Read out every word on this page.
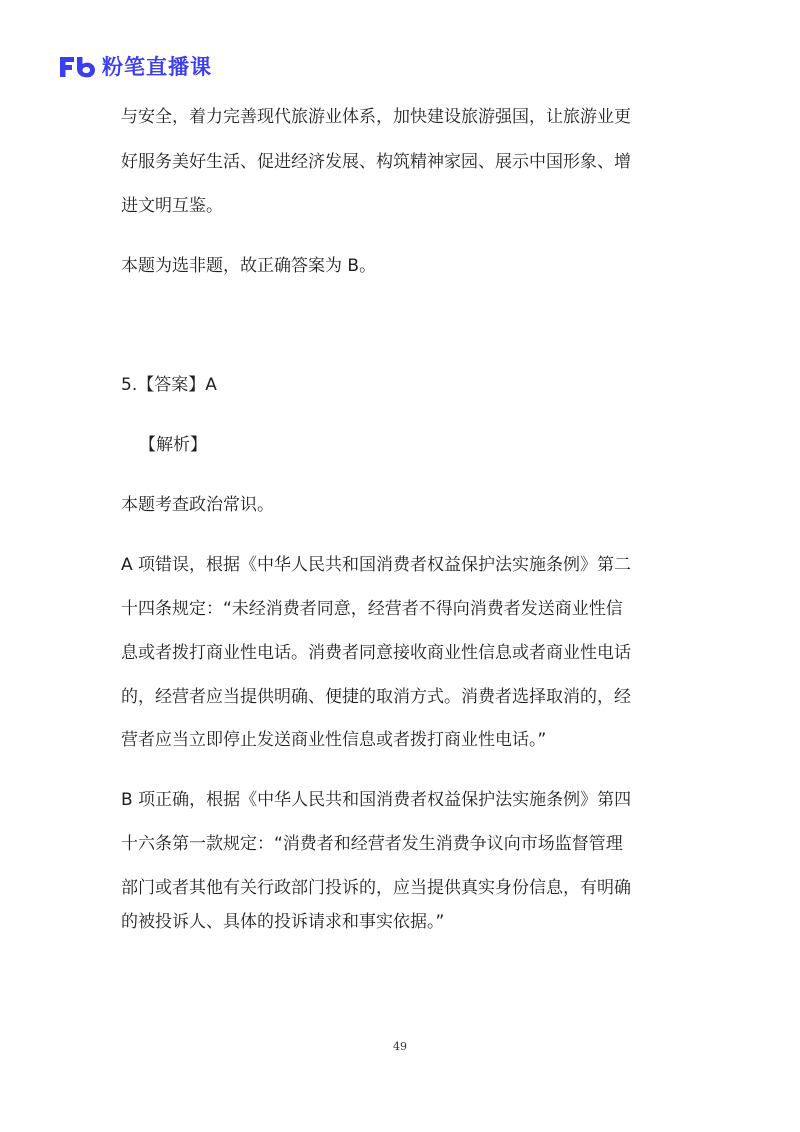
粉笔直播课
与安全，着力完善现代旅游业体系，加快建设旅游强国，让旅游业更
好服务美好生活、促进经济发展、构筑精神家园、展示中国形象、增
进文明互鉴。
本题为选非题，故正确答案为 B。
5.【答案】A
【解析】
本题考查政治常识。
A 项错误，根据《中华人民共和国消费者权益保护法实施条例》第二
十四条规定：“未经消费者同意，经营者不得向消费者发送商业性信
息或者拨打商业性电话。消费者同意接收商业性信息或者商业性电话
的，经营者应当提供明确、便捷的取消方式。消费者选择取消的，经
营者应当立即停止发送商业性信息或者拨打商业性电话。”
B 项正确，根据《中华人民共和国消费者权益保护法实施条例》第四
十六条第一款规定：“消费者和经营者发生消费争议向市场监督管理
部门或者其他有关行政部门投诉的，应当提供真实身份信息，有明确
的被投诉人、具体的投诉请求和事实依据。”
49
